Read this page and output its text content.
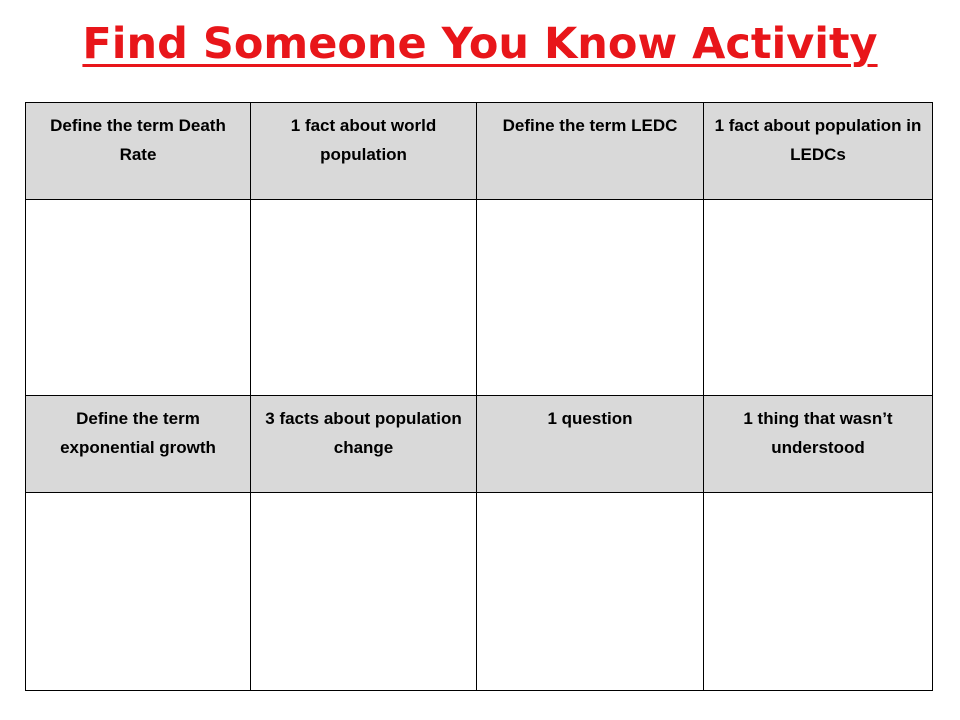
Find Someone You Know Activity
Define the term Death Rate	1 fact about world population	Define the term LEDC	1 fact about population in LEDCs

Define the term exponential growth	3 facts about population change	1 question	1 thing that wasn’t understood
